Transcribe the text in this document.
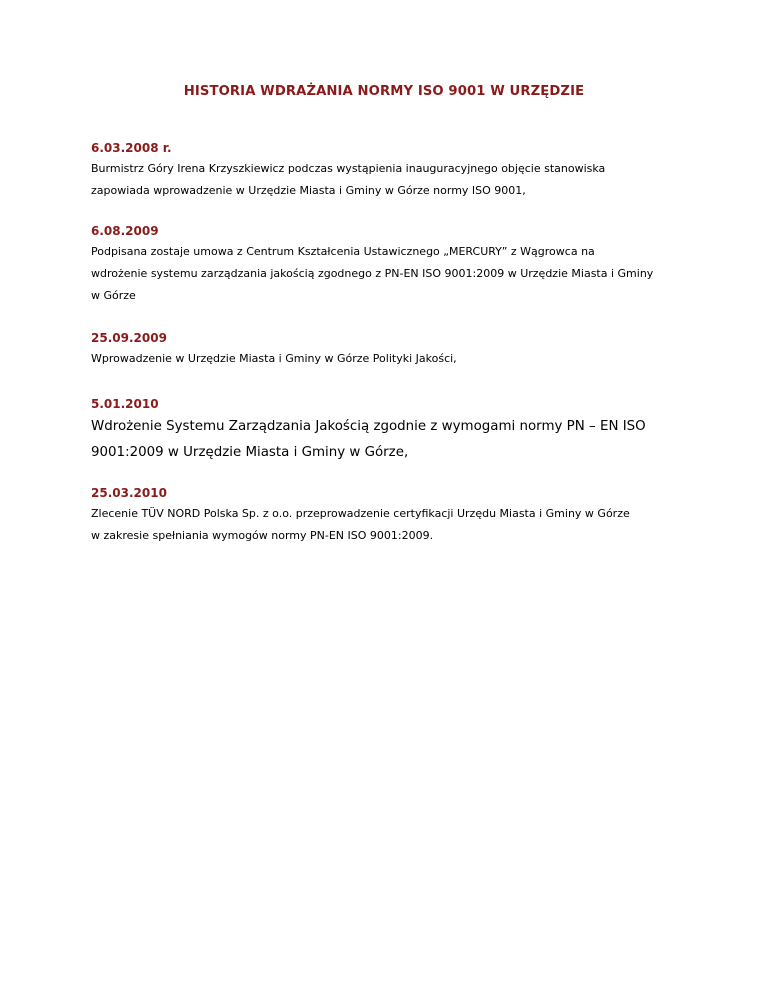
HISTORIA WDRAŻANIA NORMY ISO 9001 W URZĘDZIE
6.03.2008 r.
Burmistrz Góry Irena Krzyszkiewicz podczas wystąpienia inauguracyjnego objęcie stanowiska
zapowiada wprowadzenie w Urzędzie Miasta i Gminy w Górze normy ISO 9001,
6.08.2009
Podpisana zostaje umowa z Centrum Kształcenia Ustawicznego „MERCURY” z Wągrowca na
wdrożenie systemu zarządzania jakością zgodnego z PN-EN ISO 9001:2009 w Urzędzie Miasta i Gminy
w Górze
25.09.2009
Wprowadzenie w Urzędzie Miasta i Gminy w Górze Polityki Jakości,
5.01.2010
Wdrożenie Systemu Zarządzania Jakością zgodnie z wymogami normy PN – EN ISO
9001:2009 w Urzędzie Miasta i Gminy w Górze,
25.03.2010
Zlecenie TÜV NORD Polska Sp. z o.o. przeprowadzenie certyfikacji Urzędu Miasta i Gminy w Górze
w zakresie spełniania wymogów normy PN-EN ISO 9001:2009.
